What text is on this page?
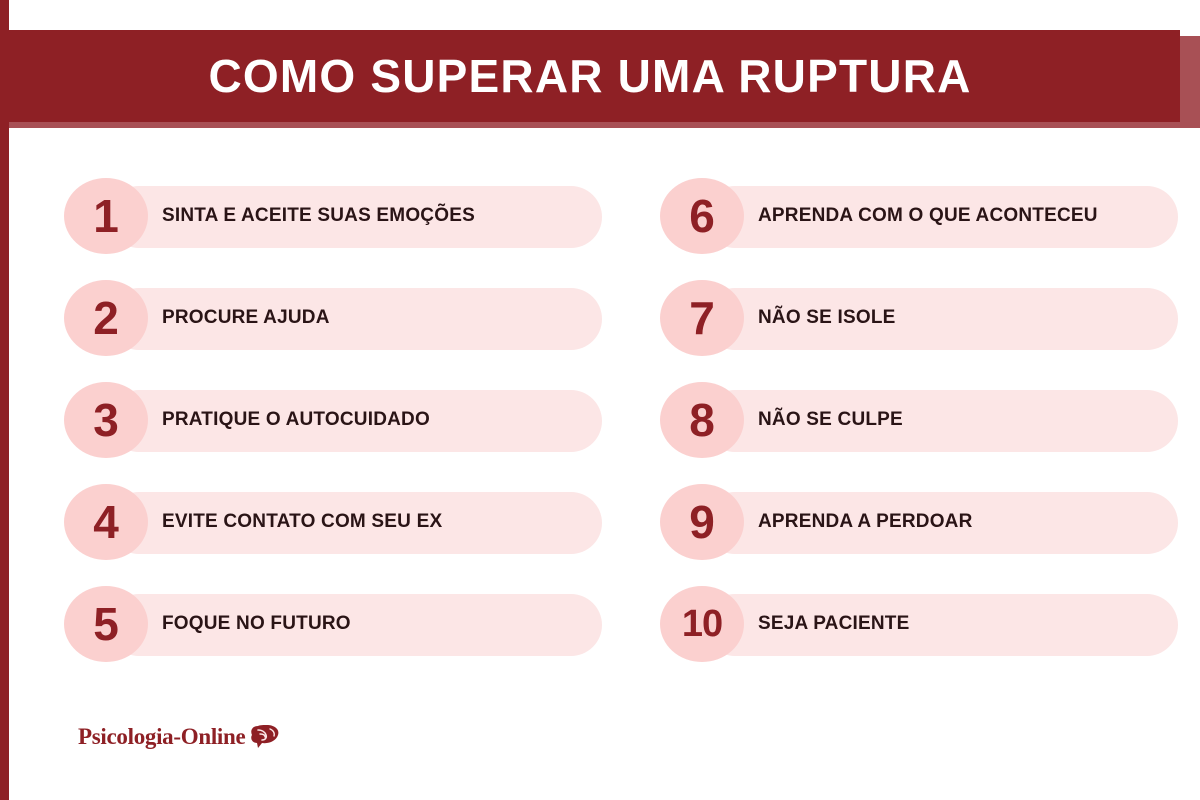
COMO SUPERAR UMA RUPTURA
1 SINTA E ACEITE SUAS EMOÇÕES
2 PROCURE AJUDA
3 PRATIQUE O AUTOCUIDADO
4 EVITE CONTATO COM SEU EX
5 FOQUE NO FUTURO
6 APRENDA COM O QUE ACONTECEU
7 NÃO SE ISOLE
8 NÃO SE CULPE
9 APRENDA A PERDOAR
10 SEJA PACIENTE
Psicologia-Online
